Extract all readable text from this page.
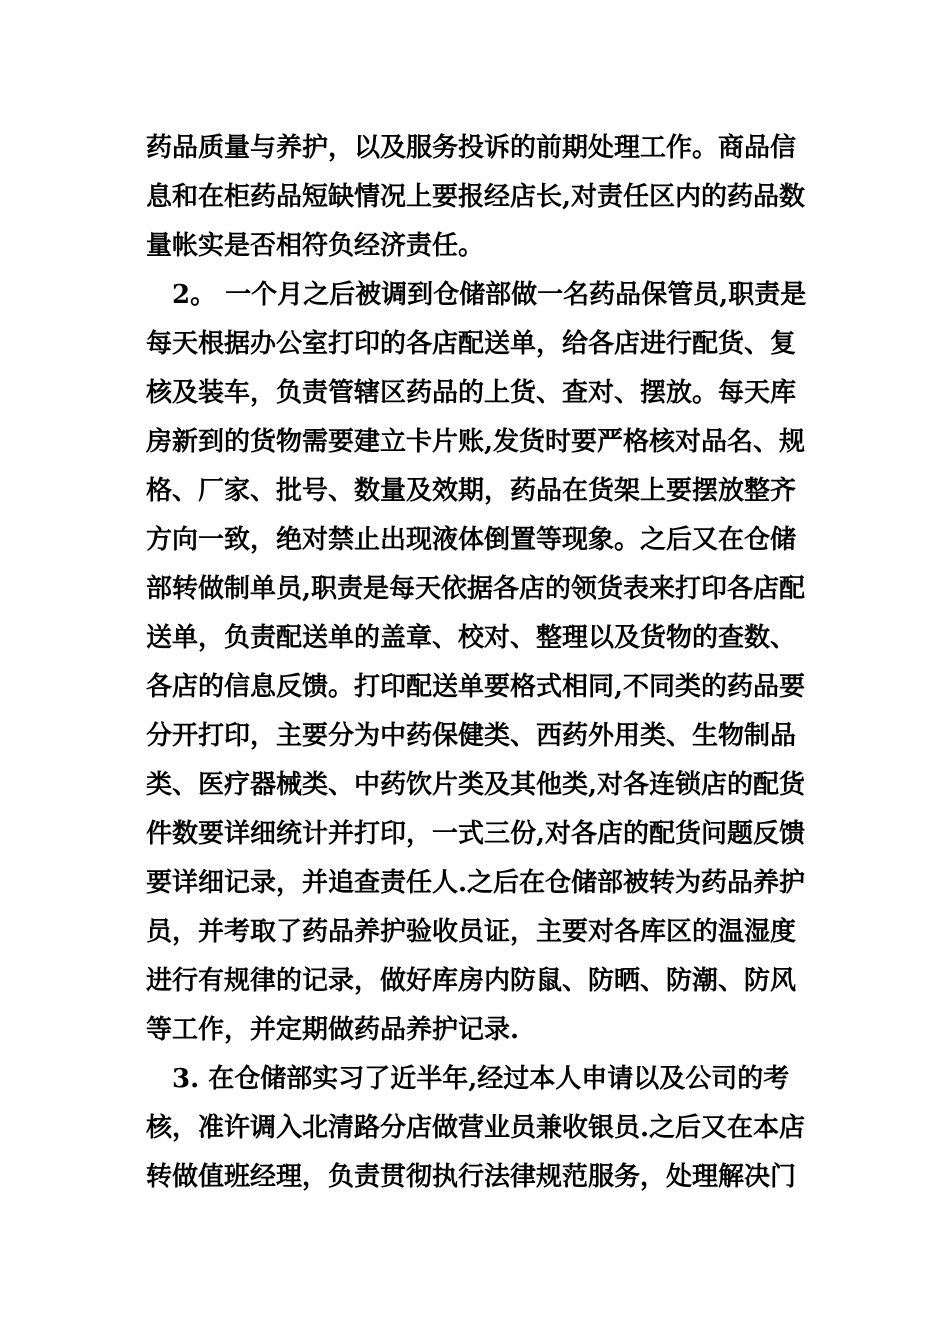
药品质量与养护，以及服务投诉的前期处理工作。商品信
息和在柜药品短缺情况上要报经店长,对责任区内的药品数
量帐实是否相符负经济责任。
2。 一个月之后被调到仓储部做一名药品保管员,职责是
每天根据办公室打印的各店配送单，给各店进行配货、复
核及装车，负责管辖区药品的上货、查对、摆放。每天库
房新到的货物需要建立卡片账,发货时要严格核对品名、规
格、厂家、批号、数量及效期，药品在货架上要摆放整齐
方向一致，绝对禁止出现液体倒置等现象。之后又在仓储
部转做制单员,职责是每天依据各店的领货表来打印各店配
送单，负责配送单的盖章、校对、整理以及货物的查数、
各店的信息反馈。打印配送单要格式相同,不同类的药品要
分开打印，主要分为中药保健类、西药外用类、生物制品
类、医疗器械类、中药饮片类及其他类,对各连锁店的配货
件数要详细统计并打印，一式三份,对各店的配货问题反馈
要详细记录，并追查责任人.之后在仓储部被转为药品养护
员，并考取了药品养护验收员证，主要对各库区的温湿度
进行有规律的记录，做好库房内防鼠、防晒、防潮、防风
等工作，并定期做药品养护记录.
3. 在仓储部实习了近半年,经过本人申请以及公司的考
核，准许调入北清路分店做营业员兼收银员.之后又在本店
转做值班经理，负责贯彻执行法律规范服务，处理解决门
